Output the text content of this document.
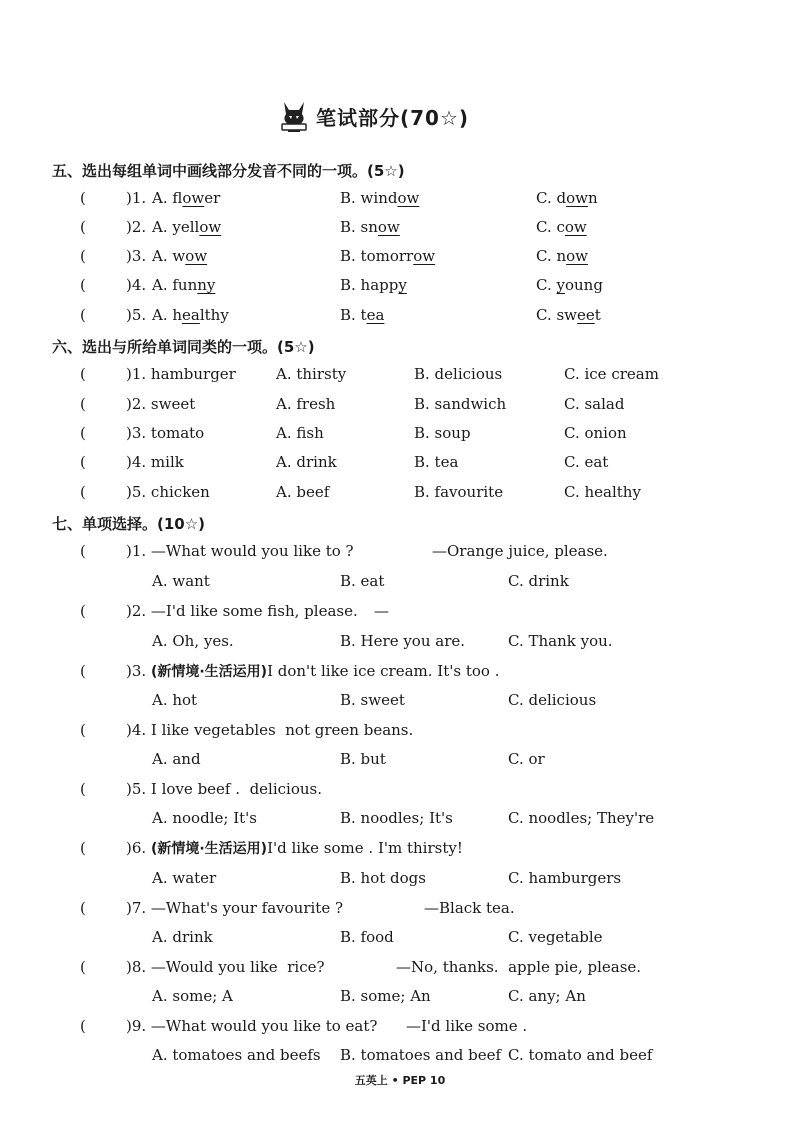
笔试部分(70☆)
五、选出每组单词中画线部分发音不同的一项。(5☆)
(	)1. A. flower	B. window	C. down
(	)2. A. yellow	B. snow	C. cow
(	)3. A. wow	B. tomorrow	C. now
(	)4. A. funny	B. happy	C. young
(	)5. A. healthy	B. tea	C. sweet
六、选出与所给单词同类的一项。(5☆)
(	)1. hamburger	A. thirsty	B. delicious	C. ice cream
(	)2. sweet	A. fresh	B. sandwich	C. salad
(	)3. tomato	A. fish	B. soup	C. onion
(	)4. milk	A. drink	B. tea	C. eat
(	)5. chicken	A. beef	B. favourite	C. healthy
七、单项选择。(10☆)
(	)1. —What would you like to
?	—Orange juice, please.
A. want	B. eat	C. drink
(	)2. —I'd like some fish, please. —
A. Oh, yes.	B. Here you are.	C. Thank you.
(	)3. (新情境·生活运用)I don't like ice cream. It's too
.
A. hot	B. sweet	C. delicious
(	)4. I like vegetables
not green beans.
A. and	B. but	C. or
(	)5. I love beef
.
delicious.
A. noodle; It's	B. noodles; It's	C. noodles; They're
(	)6. (新情境·生活运用)I'd like some
. I'm thirsty!
A. water	B. hot dogs	C. hamburgers
(	)7. —What's your favourite
?	—Black tea.
A. drink	B. food	C. vegetable
(	)8. —Would you like
rice?	—No, thanks.
apple pie, please.
A. some; A	B. some; An	C. any; An
(	)9. —What would you like to eat? —I'd like some
.
A. tomatoes and beefs B. tomatoes and beef C. tomato and beef
五英上 • PEP 10
